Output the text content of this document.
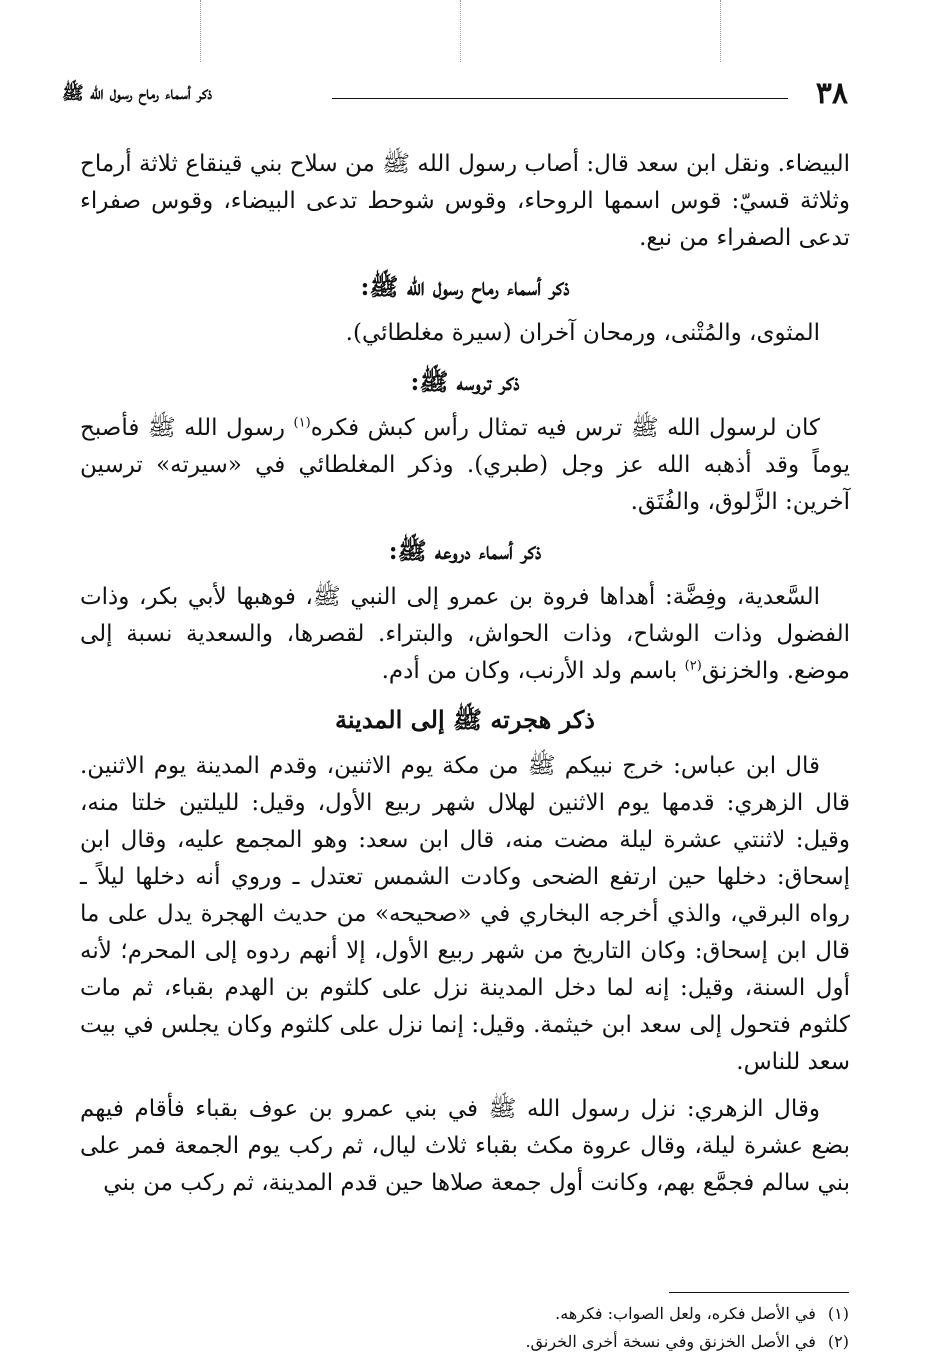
٣٨
ذكر أسماء رماح رسول الله ﷺ

البيضاء. ونقل ابن سعد قال: أصاب رسول الله ﷺ من سلاح بني قينقاع ثلاثة أرماح وثلاثة قسيّ: قوس اسمها الروحاء، وقوس شوحط تدعى البيضاء، وقوس صفراء تدعى الصفراء من نبع.

ذكر أسماء رماح رسول الله ﷺ:

المثوى، والمُتْنى، ورمحان آخران (سيرة مغلطائي).

ذكر تروسه ﷺ:

كان لرسول الله ﷺ ترس فيه تمثال رأس كبش فكره$^{(١)}$ رسول الله ﷺ فأصبح يوماً وقد أذهبه الله عز وجل (طبري). وذكر المغلطائي في «سيرته» ترسين آخرين: الزَّلوق، والفُتَق.

ذكر أسماء دروعه ﷺ:

السَّعدية، وفِضَّة: أهداها فروة بن عمرو إلى النبي ﷺ، فوهبها لأبي بكر، وذات الفضول وذات الوشاح، وذات الحواش، والبتراء. لقصرها، والسعدية نسبة إلى موضع. والخزنق$^{(٢)}$ باسم ولد الأرنب، وكان من أدم.

ذكر هجرته ﷺ إلى المدينة

قال ابن عباس: خرج نبيكم ﷺ من مكة يوم الاثنين، وقدم المدينة يوم الاثنين. قال الزهري: قدمها يوم الاثنين لهلال شهر ربيع الأول، وقيل: لليلتين خلتا منه، وقيل: لاثنتي عشرة ليلة مضت منه، قال ابن سعد: وهو المجمع عليه، وقال ابن إسحاق: دخلها حين ارتفع الضحى وكادت الشمس تعتدل ـ وروي أنه دخلها ليلاً ـ رواه البرقي، والذي أخرجه البخاري في «صحيحه» من حديث الهجرة يدل على ما قال ابن إسحاق: وكان التاريخ من شهر ربيع الأول، إلا أنهم ردوه إلى المحرم؛ لأنه أول السنة، وقيل: إنه لما دخل المدينة نزل على كلثوم بن الهدم بقباء، ثم مات كلثوم فتحول إلى سعد ابن خيثمة. وقيل: إنما نزل على كلثوم وكان يجلس في بيت سعد للناس.

وقال الزهري: نزل رسول الله ﷺ في بني عمرو بن عوف بقباء فأقام فيهم بضع عشرة ليلة، وقال عروة مكث بقباء ثلاث ليال، ثم ركب يوم الجمعة فمر على بني سالم فجمَّع بهم، وكانت أول جمعة صلاها حين قدم المدينة، ثم ركب من بني

(١)في الأصل فكره، ولعل الصواب: فكرهه.
(٢)في الأصل الخزنق وفي نسخة أخرى الخرنق.
